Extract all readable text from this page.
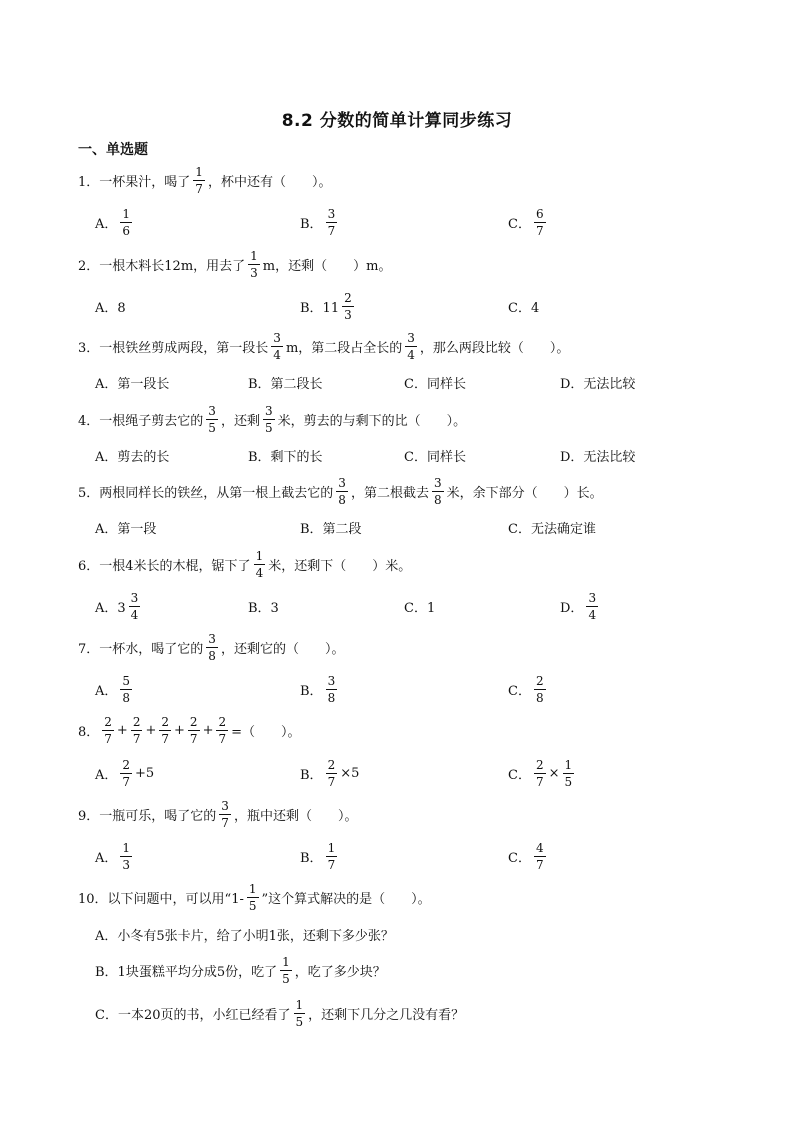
8.2 分数的简单计算同步练习
一、单选题
1． 一杯果汁，喝了 $\frac{1}{7}$ ，杯中还有（　　）。
A． $\frac{1}{6}$	B． $\frac{3}{7}$	C． $\frac{6}{7}$
2． 一根木料长12m，用去了 $\frac{1}{3}$ m，还剩（　　）m。
A．8	B．$11 \frac{2}{3}$	C．4
3． 一根铁丝剪成两段，第一段长 $\frac{3}{4}$ m，第二段占全长的 $\frac{3}{4}$ ，那么两段比较（　　）。
A．第一段长	B．第二段长	C．同样长	D．无法比较
4． 一根绳子剪去它的 $\frac{3}{5}$ ，还剩 $\frac{3}{5}$ 米，剪去的与剩下的比（　　）。
A．剪去的长	B．剩下的长	C．同样长	D．无法比较
5． 两根同样长的铁丝，从第一根上截去它的 $\frac{3}{8}$ ，第二根截去 $\frac{3}{8}$ 米，余下部分（　　）长。
A．第一段	B．第二段	C．无法确定谁
6． 一根4米长的木棍，锯下了 $\frac{1}{4}$ 米，还剩下（　　）米。
A．$3 \frac{3}{4}$	B．3	C．1	D． $\frac{3}{4}$
7． 一杯水，喝了它的 $\frac{3}{8}$ ，还剩它的（　　）。
A． $\frac{5}{8}$	B． $\frac{3}{8}$	C． $\frac{2}{8}$
8． $\frac{2}{7} + \frac{2}{7} + \frac{2}{7} + \frac{2}{7} + \frac{2}{7}$ =（　　）。
A． $\frac{2}{7} +5$	B． $\frac{2}{7} \times 5$	C． $\frac{2}{7} \times \frac{1}{5}$
9． 一瓶可乐，喝了它的 $\frac{3}{7}$ ，瓶中还剩（　　）。
A． $\frac{1}{3}$	B． $\frac{1}{7}$	C． $\frac{4}{7}$
10． 以下问题中，可以用“$1- \frac{1}{5}$ ”这个算式解决的是（　　）。
A．小冬有5张卡片，给了小明1张，还剩下多少张？
B．1块蛋糕平均分成5份，吃了 $\frac{1}{5}$ ，吃了多少块？
C．一本20页的书，小红已经看了 $\frac{1}{5}$ ，还剩下几分之几没有看？
